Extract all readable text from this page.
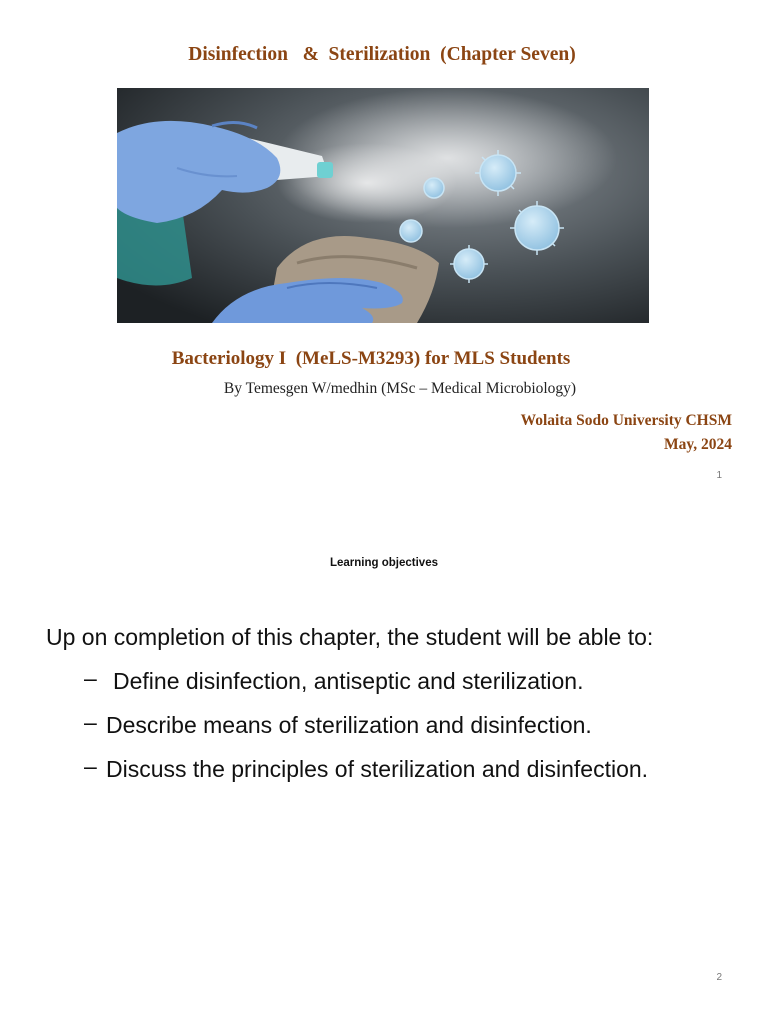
Disinfection   &  Sterilization  (Chapter Seven)
Bacteriology I  (MeLS-M3293) for MLS Students
By Temesgen W/medhin (MSc – Medical Microbiology)
Wolaita Sodo University CHSM
May, 2024
1
Learning objectives
Up on completion of this chapter, the student will be able to:
– Define disinfection, antiseptic and sterilization.
– Describe means of sterilization and disinfection.
– Discuss the principles of sterilization and disinfection.
2
